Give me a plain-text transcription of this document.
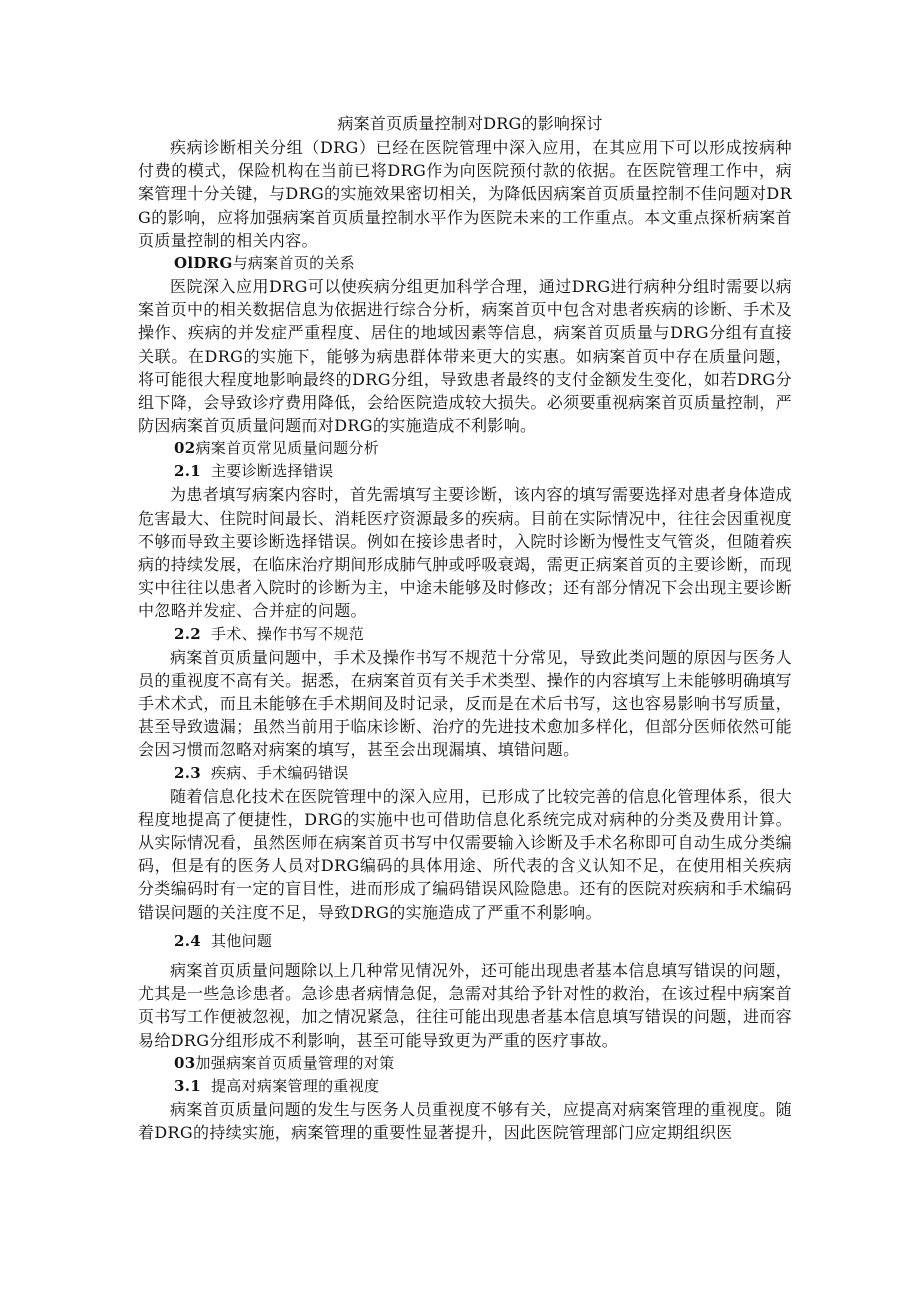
病案首页质量控制对DRG的影响探讨

疾病诊断相关分组（DRG）已经在医院管理中深入应用，在其应用下可以形成按病种付费的模式，保险机构在当前已将DRG作为向医院预付款的依据。在医院管理工作中，病案管理十分关键，与DRG的实施效果密切相关，为降低因病案首页质量控制不佳问题对DRG的影响，应将加强病案首页质量控制水平作为医院未来的工作重点。本文重点探析病案首页质量控制的相关内容。

OlDRG与病案首页的关系

医院深入应用DRG可以使疾病分组更加科学合理，通过DRG进行病种分组时需要以病案首页中的相关数据信息为依据进行综合分析，病案首页中包含对患者疾病的诊断、手术及操作、疾病的并发症严重程度、居住的地域因素等信息，病案首页质量与DRG分组有直接关联。在DRG的实施下，能够为病患群体带来更大的实惠。如病案首页中存在质量问题，将可能很大程度地影响最终的DRG分组，导致患者最终的支付金额发生变化，如若DRG分组下降，会导致诊疗费用降低，会给医院造成较大损失。必须要重视病案首页质量控制，严防因病案首页质量问题而对DRG的实施造成不利影响。

02病案首页常见质量问题分析
2.1 主要诊断选择错误

为患者填写病案内容时，首先需填写主要诊断，该内容的填写需要选择对患者身体造成危害最大、住院时间最长、消耗医疗资源最多的疾病。目前在实际情况中，往往会因重视度不够而导致主要诊断选择错误。例如在接诊患者时，入院时诊断为慢性支气管炎，但随着疾病的持续发展，在临床治疗期间形成肺气肿或呼吸衰竭，需更正病案首页的主要诊断，而现实中往往以患者入院时的诊断为主，中途未能够及时修改；还有部分情况下会出现主要诊断中忽略并发症、合并症的问题。

2.2 手术、操作书写不规范

病案首页质量问题中，手术及操作书写不规范十分常见，导致此类问题的原因与医务人员的重视度不高有关。据悉，在病案首页有关手术类型、操作的内容填写上未能够明确填写手术术式，而且未能够在手术期间及时记录，反而是在术后书写，这也容易影响书写质量，甚至导致遗漏；虽然当前用于临床诊断、治疗的先进技术愈加多样化，但部分医师依然可能会因习惯而忽略对病案的填写，甚至会出现漏填、填错问题。

2.3 疾病、手术编码错误

随着信息化技术在医院管理中的深入应用，已形成了比较完善的信息化管理体系，很大程度地提高了便捷性，DRG的实施中也可借助信息化系统完成对病种的分类及费用计算。从实际情况看，虽然医师在病案首页书写中仅需要输入诊断及手术名称即可自动生成分类编码，但是有的医务人员对DRG编码的具体用途、所代表的含义认知不足，在使用相关疾病分类编码时有一定的盲目性，进而形成了编码错误风险隐患。还有的医院对疾病和手术编码错误问题的关注度不足，导致DRG的实施造成了严重不利影响。

2.4 其他问题

病案首页质量问题除以上几种常见情况外，还可能出现患者基本信息填写错误的问题，尤其是一些急诊患者。急诊患者病情急促，急需对其给予针对性的救治，在该过程中病案首页书写工作便被忽视，加之情况紧急，往往可能出现患者基本信息填写错误的问题，进而容易给DRG分组形成不利影响，甚至可能导致更为严重的医疗事故。

03加强病案首页质量管理的对策
3.1 提高对病案管理的重视度

病案首页质量问题的发生与医务人员重视度不够有关，应提高对病案管理的重视度。随着DRG的持续实施，病案管理的重要性显著提升，因此医院管理部门应定期组织医
